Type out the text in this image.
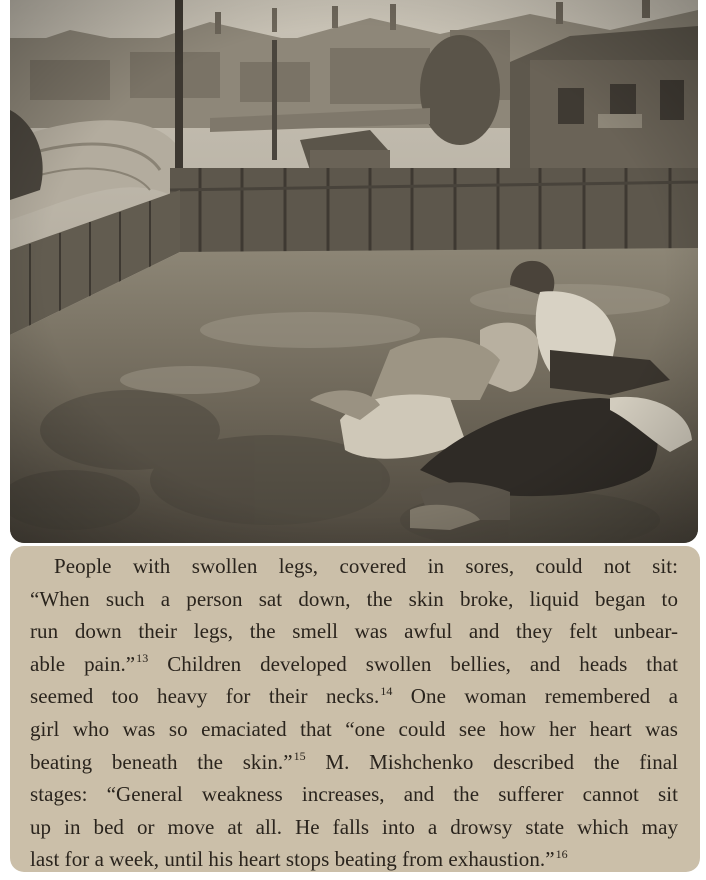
People with swollen legs, covered in sores, could not sit:
“When such a person sat down, the skin broke, liquid began to
run down their legs, the smell was awful and they felt unbear-
able pain.”$^{13}$ Children developed swollen bellies, and heads that
seemed too heavy for their necks.$^{14}$ One woman remembered a
girl who was so emaciated that “one could see how her heart was
beating beneath the skin.”$^{15}$ M. Mishchenko described the final
stages: “General weakness increases, and the sufferer cannot sit
up in bed or move at all. He falls into a drowsy state which may
last for a week, until his heart stops beating from exhaustion.”$^{16}$
